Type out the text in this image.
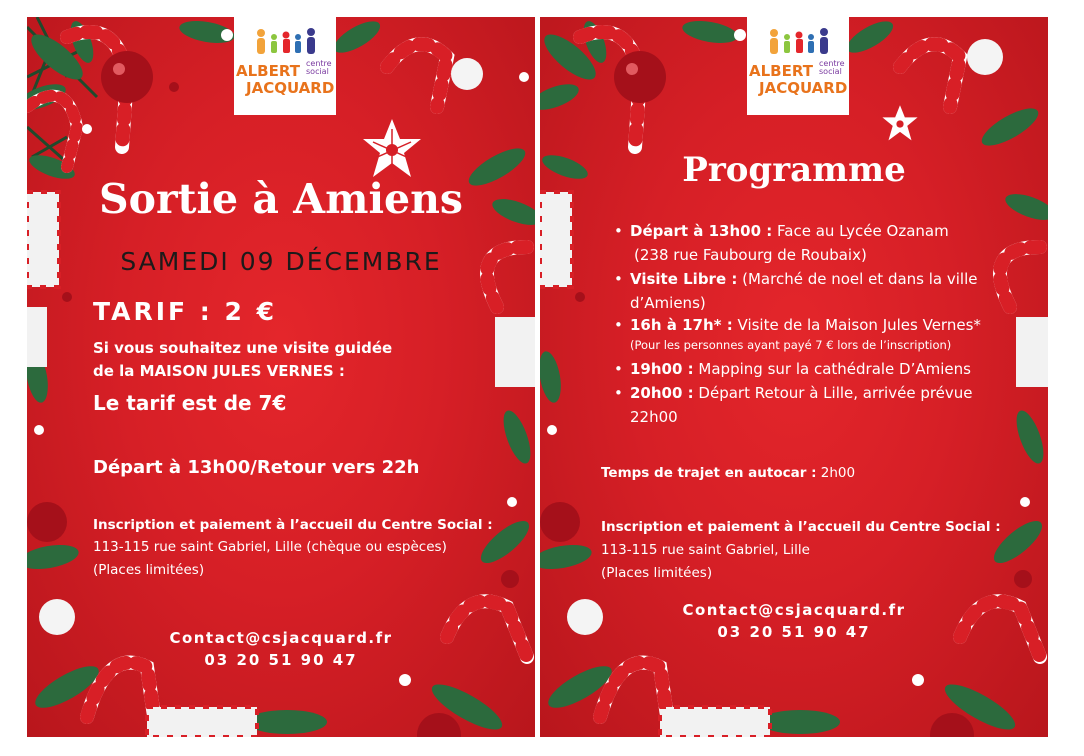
ALBERT centre social
JACQUARD
Sortie à Amiens
SAMEDI 09 DÉCEMBRE
TARIF : 2 €
Si vous souhaitez une visite guidée
de la MAISON JULES VERNES :
Le tarif est de 7€
Départ à 13h00/Retour vers 22h
Inscription et paiement à l’accueil du Centre Social :
113-115 rue saint Gabriel, Lille (chèque ou espèces)
(Places limitées)
Contact@csjacquard.fr
03 20 51 90 47
ALBERT centre social
JACQUARD
Programme
• Départ à 13h00 : Face au Lycée Ozanam
(238 rue Faubourg de Roubaix)
• Visite Libre : (Marché de noel et dans la ville
d’Amiens)
• 16h à 17h* : Visite de la Maison Jules Vernes*
(Pour les personnes ayant payé 7 € lors de l’inscription)
• 19h00 : Mapping sur la cathédrale D’Amiens
• 20h00 : Départ Retour à Lille, arrivée prévue
22h00
Temps de trajet en autocar : 2h00
Inscription et paiement à l’accueil du Centre Social :
113-115 rue saint Gabriel, Lille
(Places limitées)
Contact@csjacquard.fr
03 20 51 90 47
